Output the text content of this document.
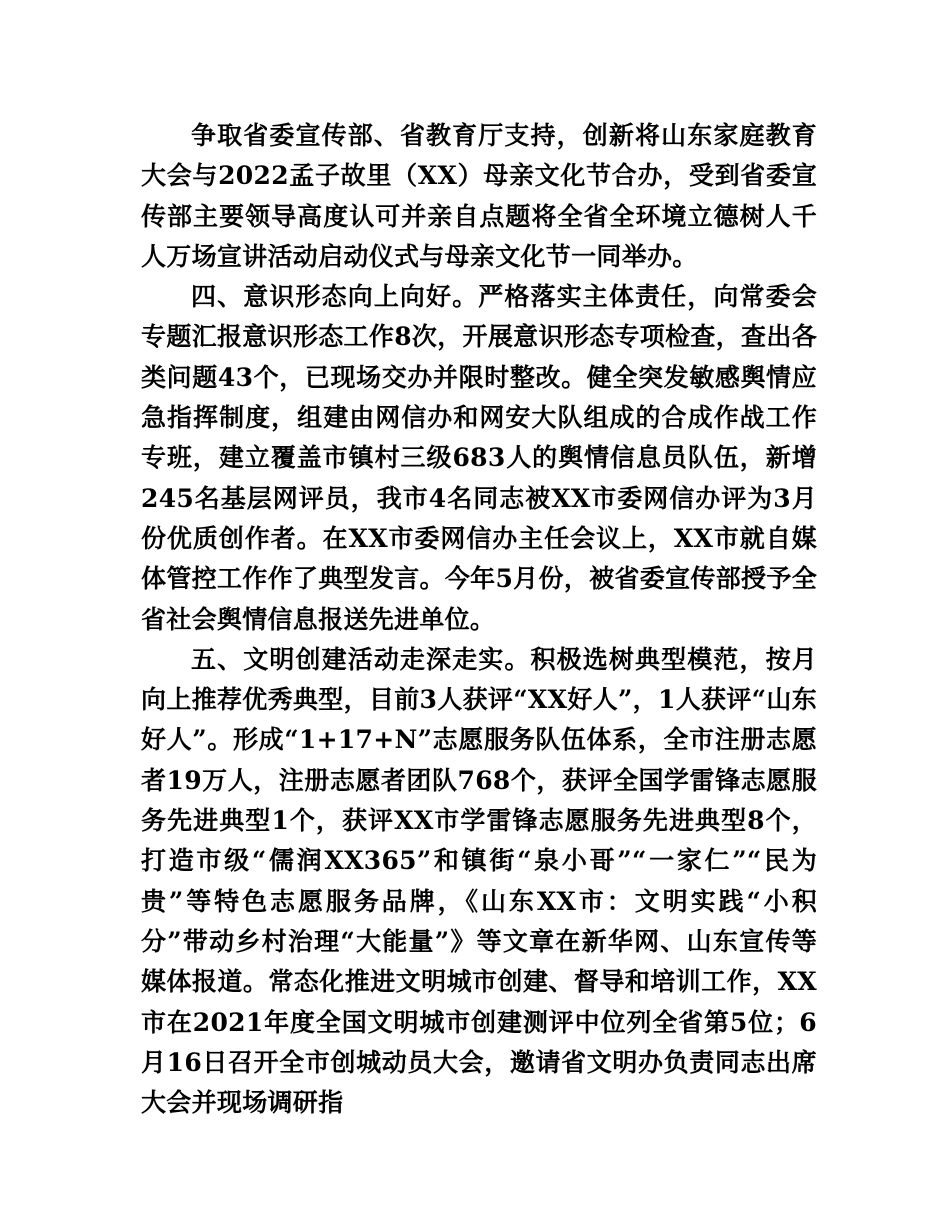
争取省委宣传部、省教育厅支持，创新将山东家庭教育大会与2022孟子故里（XX）母亲文化节合办，受到省委宣传部主要领导高度认可并亲自点题将全省全环境立德树人千人万场宣讲活动启动仪式与母亲文化节一同举办。

四、意识形态向上向好。严格落实主体责任，向常委会专题汇报意识形态工作8次，开展意识形态专项检查，查出各类问题43个，已现场交办并限时整改。健全突发敏感舆情应急指挥制度，组建由网信办和网安大队组成的合成作战工作专班，建立覆盖市镇村三级683人的舆情信息员队伍，新增245名基层网评员，我市4名同志被XX市委网信办评为3月份优质创作者。在XX市委网信办主任会议上，XX市就自媒体管控工作作了典型发言。今年5月份，被省委宣传部授予全省社会舆情信息报送先进单位。

五、文明创建活动走深走实。积极选树典型模范，按月向上推荐优秀典型，目前3人获评“XX好人”，1人获评“山东好人”。形成“1+17+N”志愿服务队伍体系，全市注册志愿者19万人，注册志愿者团队768个，获评全国学雷锋志愿服务先进典型1个，获评XX市学雷锋志愿服务先进典型8个，打造市级“儒润XX365”和镇街“泉小哥”“一家仁”“民为贵”等特色志愿服务品牌，《山东XX市：文明实践“小积分”带动乡村治理“大能量”》等文章在新华网、山东宣传等媒体报道。常态化推进文明城市创建、督导和培训工作，XX市在2021年度全国文明城市创建测评中位列全省第5位；6月16日召开全市创城动员大会，邀请省文明办负责同志出席大会并现场调研指
